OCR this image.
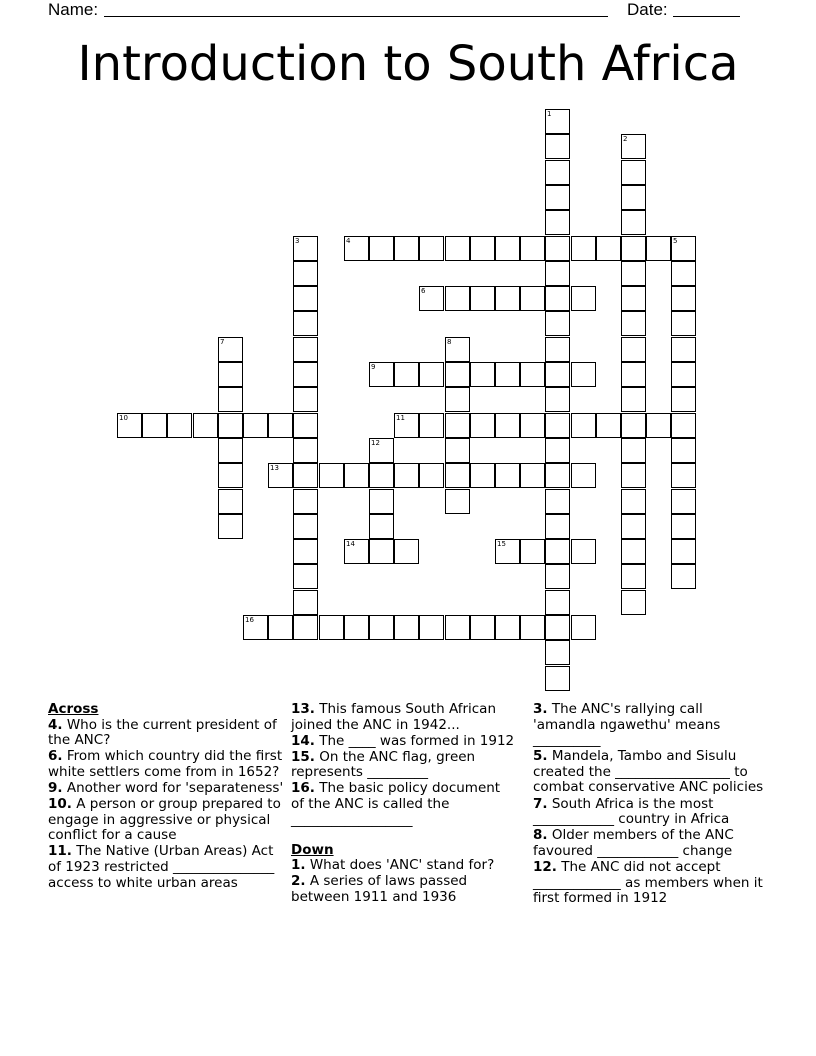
Name:	Date:
Introduction to South Africa
1
2
3	4	5
6
7	8
9
10	11
12
13
14	15
16
Across
4. Who is the current president of the ANC?
6. From which country did the first white settlers come from in 1652?
9. Another word for 'separateness'
10. A person or group prepared to engage in aggressive or physical conflict for a cause
11. The Native (Urban Areas) Act of 1923 restricted _______________ access to white urban areas
13. This famous South African joined the ANC in 1942...
14. The ____ was formed in 1912
15. On the ANC flag, green represents _________
16. The basic policy document of the ANC is called the __________________
Down
1. What does 'ANC' stand for?
2. A series of laws passed between 1911 and 1936
3. The ANC's rallying call 'amandla ngawethu' means __________
5. Mandela, Tambo and Sisulu created the _________________ to combat conservative ANC policies
7. South Africa is the most ____________ country in Africa
8. Older members of the ANC favoured ____________ change
12. The ANC did not accept _____________ as members when it first formed in 1912
